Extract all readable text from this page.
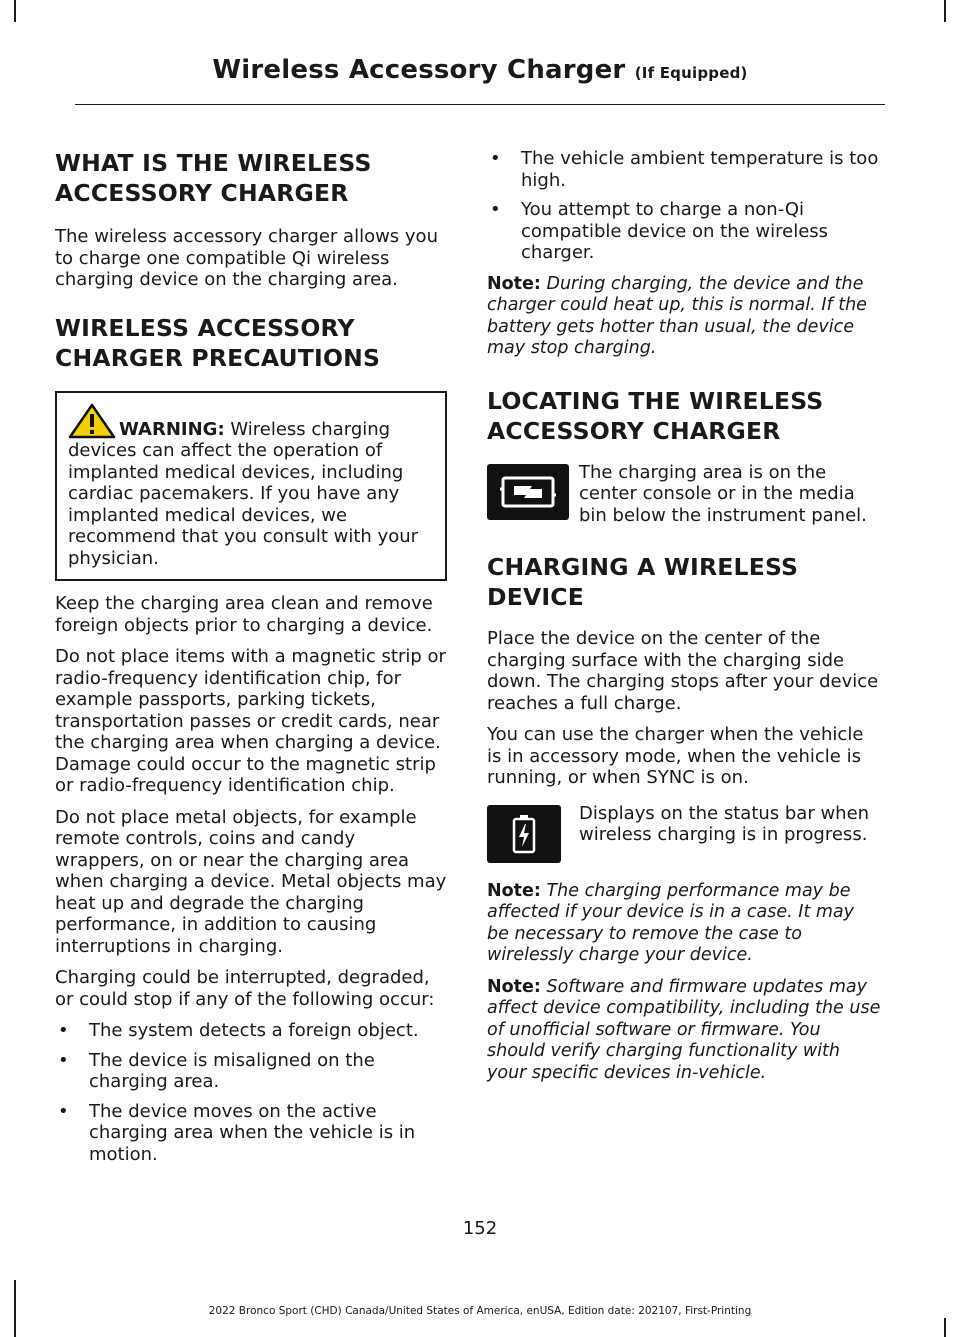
Wireless Accessory Charger (If Equipped)
WHAT IS THE WIRELESS ACCESSORY CHARGER

The wireless accessory charger allows you to charge one compatible Qi wireless charging device on the charging area.

WIRELESS ACCESSORY CHARGER PRECAUTIONS
WARNING: Wireless charging devices can affect the operation of implanted medical devices, including cardiac pacemakers. If you have any implanted medical devices, we recommend that you consult with your physician.

Keep the charging area clean and remove foreign objects prior to charging a device.

Do not place items with a magnetic strip or radio-frequency identification chip, for example passports, parking tickets, transportation passes or credit cards, near the charging area when charging a device. Damage could occur to the magnetic strip or radio-frequency identification chip.

Do not place metal objects, for example remote controls, coins and candy wrappers, on or near the charging area when charging a device. Metal objects may heat up and degrade the charging performance, in addition to causing interruptions in charging.

Charging could be interrupted, degraded, or could stop if any of the following occur:

• The system detects a foreign object.
• The device is misaligned on the charging area.
• The device moves on the active charging area when the vehicle is in motion.
• The vehicle ambient temperature is too high.
• You attempt to charge a non-Qi compatible device on the wireless charger.

Note: During charging, the device and the charger could heat up, this is normal. If the battery gets hotter than usual, the device may stop charging.

LOCATING THE WIRELESS ACCESSORY CHARGER

The charging area is on the center console or in the media bin below the instrument panel.

CHARGING A WIRELESS DEVICE

Place the device on the center of the charging surface with the charging side down. The charging stops after your device reaches a full charge.

You can use the charger when the vehicle is in accessory mode, when the vehicle is running, or when SYNC is on.

Displays on the status bar when wireless charging is in progress.

Note: The charging performance may be affected if your device is in a case. It may be necessary to remove the case to wirelessly charge your device.

Note: Software and firmware updates may affect device compatibility, including the use of unofficial software or firmware. You should verify charging functionality with your specific devices in-vehicle.

152
2022 Bronco Sport (CHD) Canada/United States of America, enUSA, Edition date: 202107, First-Printing
